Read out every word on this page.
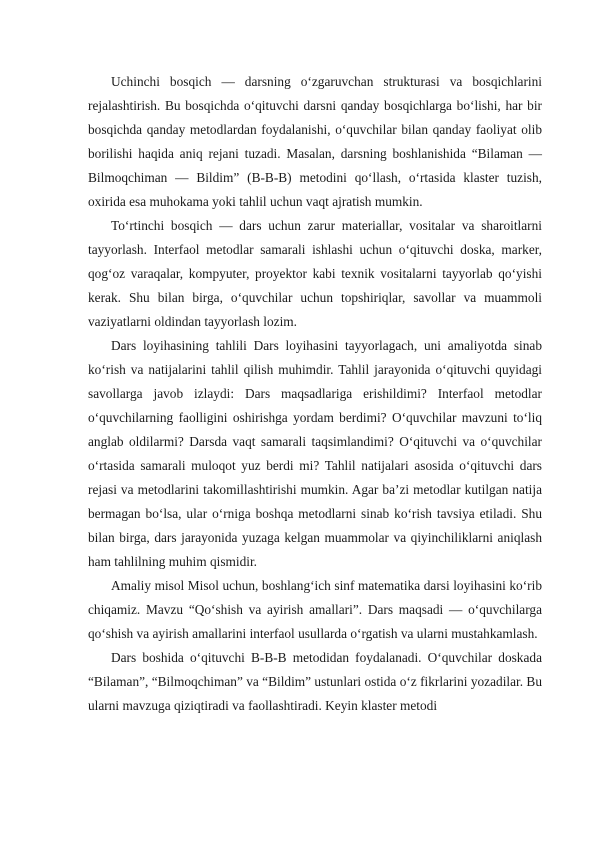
Uchinchi bosqich — darsning o‘zgaruvchan strukturasi va bosqichlarini rejalashtirish. Bu bosqichda o‘qituvchi darsni qanday bosqichlarga bo‘lishi, har bir bosqichda qanday metodlardan foydalanishi, o‘quvchilar bilan qanday faoliyat olib borilishi haqida aniq rejani tuzadi. Masalan, darsning boshlanishida “Bilaman — Bilmoqchiman — Bildim” (B-B-B) metodini qo‘llash, o‘rtasida klaster tuzish, oxirida esa muhokama yoki tahlil uchun vaqt ajratish mumkin.

To‘rtinchi bosqich — dars uchun zarur materiallar, vositalar va sharoitlarni tayyorlash. Interfaol metodlar samarali ishlashi uchun o‘qituvchi doska, marker, qog‘oz varaqalar, kompyuter, proyektor kabi texnik vositalarni tayyorlab qo‘yishi kerak. Shu bilan birga, o‘quvchilar uchun topshiriqlar, savollar va muammoli vaziyatlarni oldindan tayyorlash lozim.

Dars loyihasining tahlili Dars loyihasini tayyorlagach, uni amaliyotda sinab ko‘rish va natijalarini tahlil qilish muhimdir. Tahlil jarayonida o‘qituvchi quyidagi savollarga javob izlaydi: Dars maqsadlariga erishildimi? Interfaol metodlar o‘quvchilarning faolligini oshirishga yordam berdimi? O‘quvchilar mavzuni to‘liq anglab oldilarmi? Darsda vaqt samarali taqsimlandimi? O‘qituvchi va o‘quvchilar o‘rtasida samarali muloqot yuz berdi mi? Tahlil natijalari asosida o‘qituvchi dars rejasi va metodlarini takomillashtirishi mumkin. Agar ba’zi metodlar kutilgan natija bermagan bo‘lsa, ular o‘rniga boshqa metodlarni sinab ko‘rish tavsiya etiladi. Shu bilan birga, dars jarayonida yuzaga kelgan muammolar va qiyinchiliklarni aniqlash ham tahlilning muhim qismidir.

Amaliy misol Misol uchun, boshlang‘ich sinf matematika darsi loyihasini ko‘rib chiqamiz. Mavzu “Qo‘shish va ayirish amallari”. Dars maqsadi — o‘quvchilarga qo‘shish va ayirish amallarini interfaol usullarda o‘rgatish va ularni mustahkamlash.

Dars boshida o‘qituvchi B-B-B metodidan foydalanadi. O‘quvchilar doskada “Bilaman”, “Bilmoqchiman” va “Bildim” ustunlari ostida o‘z fikrlarini yozadilar. Bu ularni mavzuga qiziqtiradi va faollashtiradi. Keyin klaster metodi
